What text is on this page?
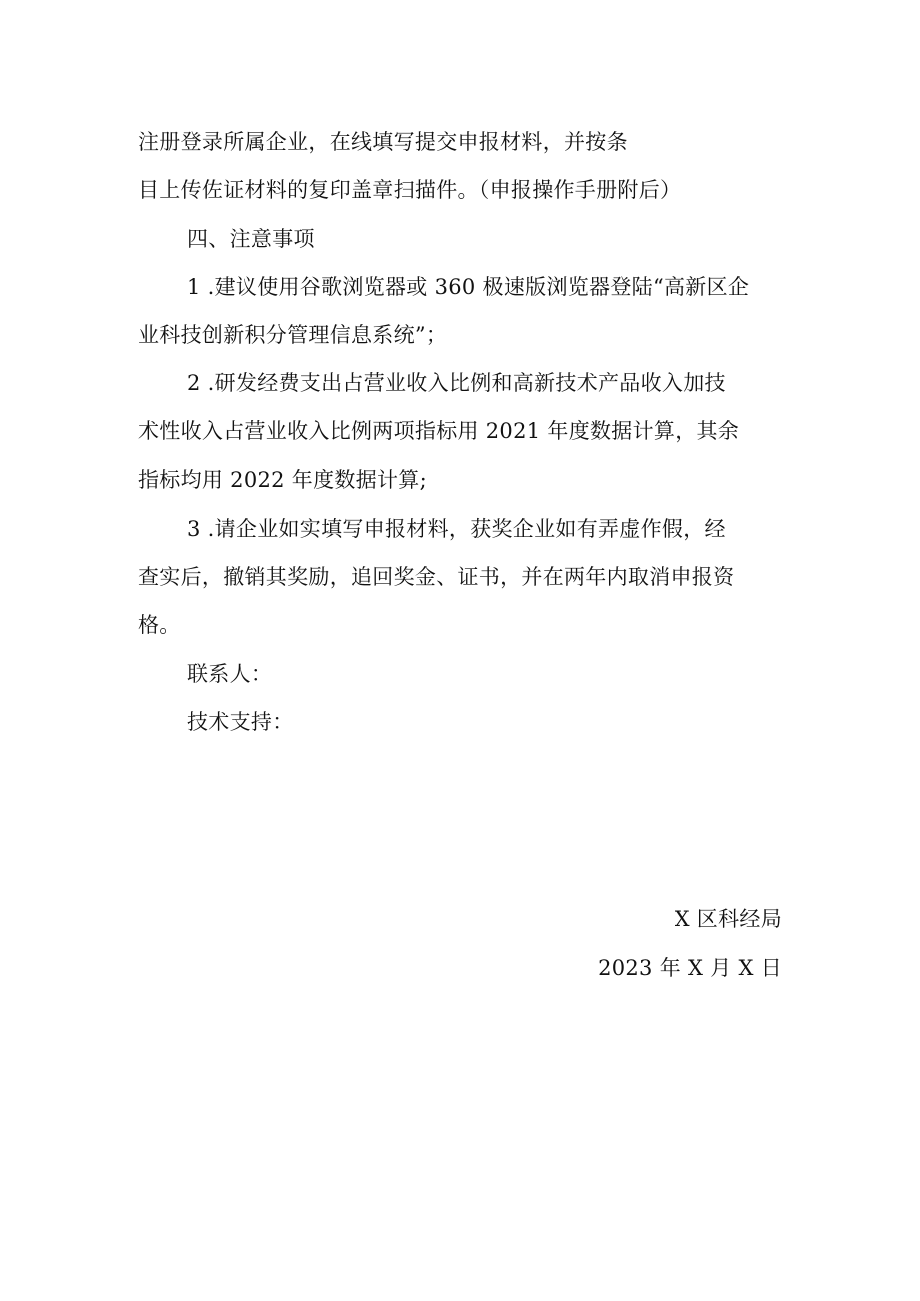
注册登录所属企业，在线填写提交申报材料，并按条
目上传佐证材料的复印盖章扫描件。（申报操作手册附后）
四、注意事项
1 .建议使用谷歌浏览器或 360 极速版浏览器登陆“高新区企
业科技创新积分管理信息系统”；
2 .研发经费支出占营业收入比例和高新技术产品收入加技
术性收入占营业收入比例两项指标用 2021 年度数据计算，其余
指标均用 2022 年度数据计算;
3 .请企业如实填写申报材料，获奖企业如有弄虚作假，经
查实后，撤销其奖励，追回奖金、证书，并在两年内取消申报资
格。
联系人：
技术支持：
X 区科经局
2023 年 X 月 X 日
